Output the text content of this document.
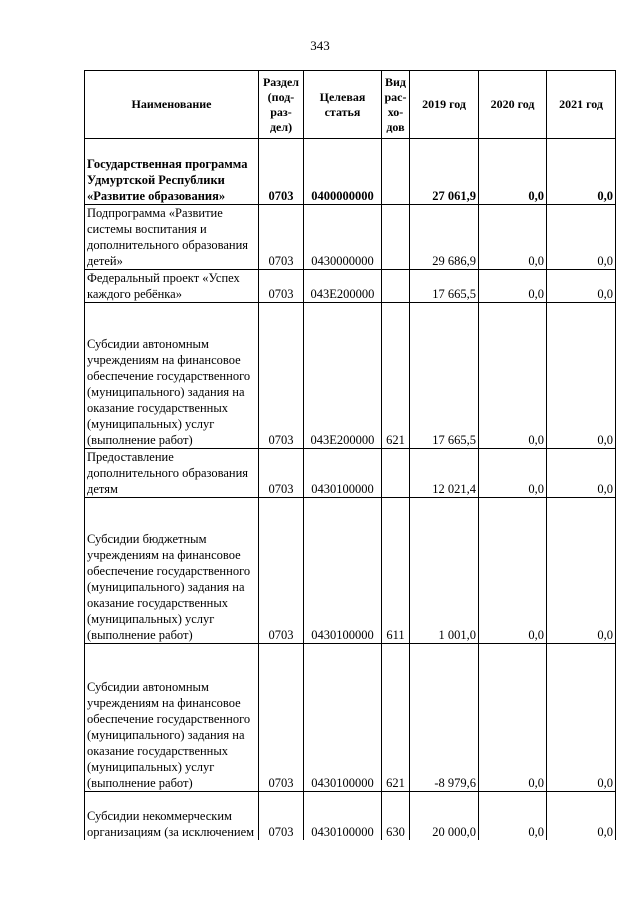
343
Наименование	Раздел (под-раз-дел)	Целевая статья	Вид рас-хо-дов	2019 год	2020 год	2021 год
Государственная программа Удмуртской Республики «Развитие образования»	0703	0400000000		27 061,9	0,0	0,0
Подпрограмма «Развитие системы воспитания и дополнительного образования детей»	0703	0430000000		29 686,9	0,0	0,0
Федеральный проект «Успех каждого ребёнка»	0703	043E200000		17 665,5	0,0	0,0
Субсидии автономным учреждениям на финансовое обеспечение государственного (муниципального) задания на оказание государственных (муниципальных) услуг (выполнение работ)	0703	043E200000	621	17 665,5	0,0	0,0
Предоставление дополнительного образования детям	0703	0430100000		12 021,4	0,0	0,0
Субсидии бюджетным учреждениям на финансовое обеспечение государственного (муниципального) задания на оказание государственных (муниципальных) услуг (выполнение работ)	0703	0430100000	611	1 001,0	0,0	0,0
Субсидии автономным учреждениям на финансовое обеспечение государственного (муниципального) задания на оказание государственных (муниципальных) услуг (выполнение работ)	0703	0430100000	621	-8 979,6	0,0	0,0
Субсидии некоммерческим организациям (за исключением	0703	0430100000	630	20 000,0	0,0	0,0
